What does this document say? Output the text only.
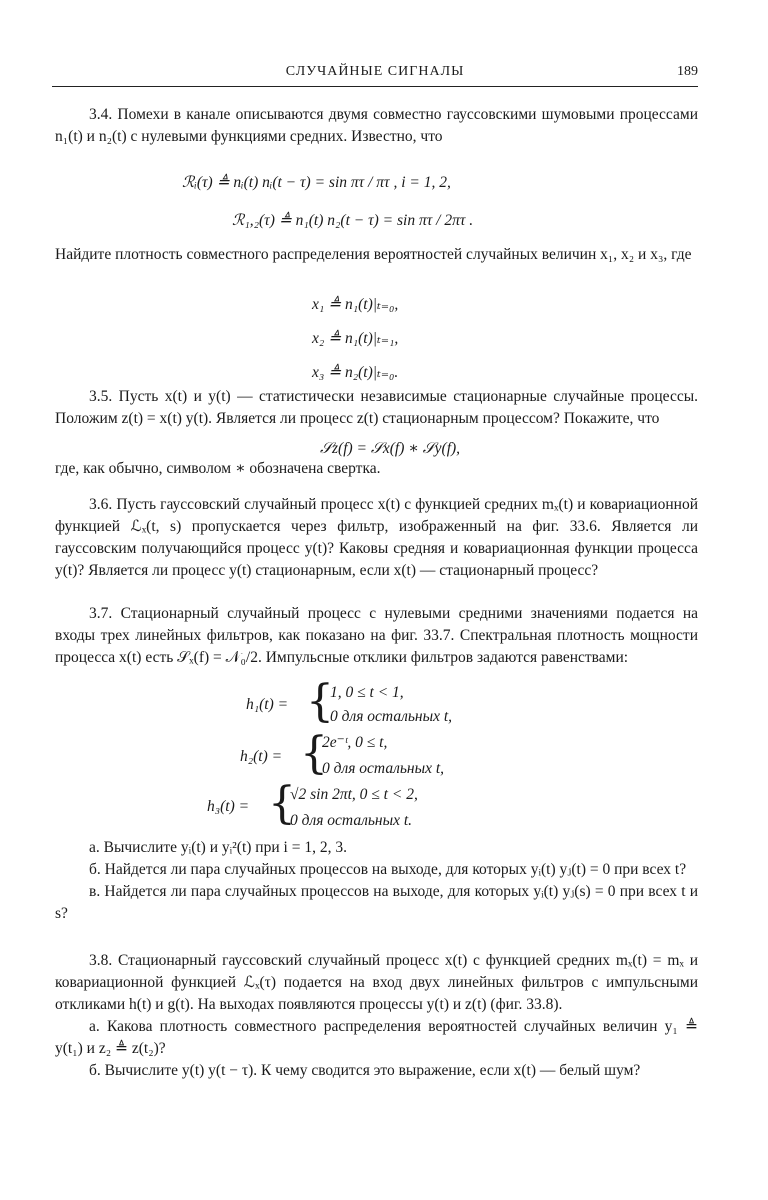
СЛУЧАЙНЫЕ СИГНАЛЫ	189

3.4. Помехи в канале описываются двумя совместно гауссовскими шумовыми процессами n₁(t) и n₂(t) с нулевыми функциями средних. Известно, что

ℛᵢ(τ) ≜ nᵢ(t) nᵢ(t − τ) = sin πτ / πτ , i = 1, 2,
ℛ₁,₂(τ) ≜ n₁(t) n₂(t − τ) = sin πτ / 2πτ .

Найдите плотность совместного распределения вероятностей случайных величин x₁, x₂ и x₃, где

x₁ ≜ n₁(t)|ₜ₌₀,
x₂ ≜ n₁(t)|ₜ₌₁,
x₃ ≜ n₂(t)|ₜ₌₀.

3.5. Пусть x(t) и y(t) — статистически независимые стационарные случайные процессы. Положим z(t) = x(t) y(t). Является ли процесс z(t) стационарным процессом? Покажите, что

𝒮z(f) = 𝒮x(f) ∗ 𝒮y(f),

где, как обычно, символом ∗ обозначена свертка.

3.6. Пусть гауссовский случайный процесс x(t) с функцией средних mₓ(t) и ковариационной функцией ℒₓ(t, s) пропускается через фильтр, изображенный на фиг. 33.6. Является ли гауссовским получающийся процесс y(t)? Каковы средняя и ковариационная функции процесса y(t)? Является ли процесс y(t) стационарным, если x(t) — стационарный процесс?

3.7. Стационарный случайный процесс с нулевыми средними значениями подается на входы трех линейных фильтров, как показано на фиг. 33.7. Спектральная плотность мощности процесса x(t) есть 𝒮ₓ(f) = 𝒩₀/2. Импульсные отклики фильтров задаются равенствами:

h₁(t) = {
1, 0 ≤ t < 1,
0 для остальных t,
h₂(t) = {
2e⁻ᵗ, 0 ≤ t,
0 для остальных t,
h₃(t) = {
√2 sin 2πt, 0 ≤ t < 2,
0 для остальных t.

а. Вычислите yᵢ(t) и yᵢ²(t) при i = 1, 2, 3.

б. Найдется ли пара случайных процессов на выходе, для которых yᵢ(t) yⱼ(t) = 0 при всех t?

в. Найдется ли пара случайных процессов на выходе, для которых yᵢ(t) yⱼ(s) = 0 при всех t и s?

3.8. Стационарный гауссовский случайный процесс x(t) с функцией средних mₓ(t) = mₓ и ковариационной функцией ℒₓ(τ) подается на вход двух линейных фильтров с импульсными откликами h(t) и g(t). На выходах появляются процессы y(t) и z(t) (фиг. 33.8).

а. Какова плотность совместного распределения вероятностей случайных величин y₁ ≜ y(t₁) и z₂ ≜ z(t₂)?

б. Вычислите y(t) y(t − τ). К чему сводится это выражение, если x(t) — белый шум?
